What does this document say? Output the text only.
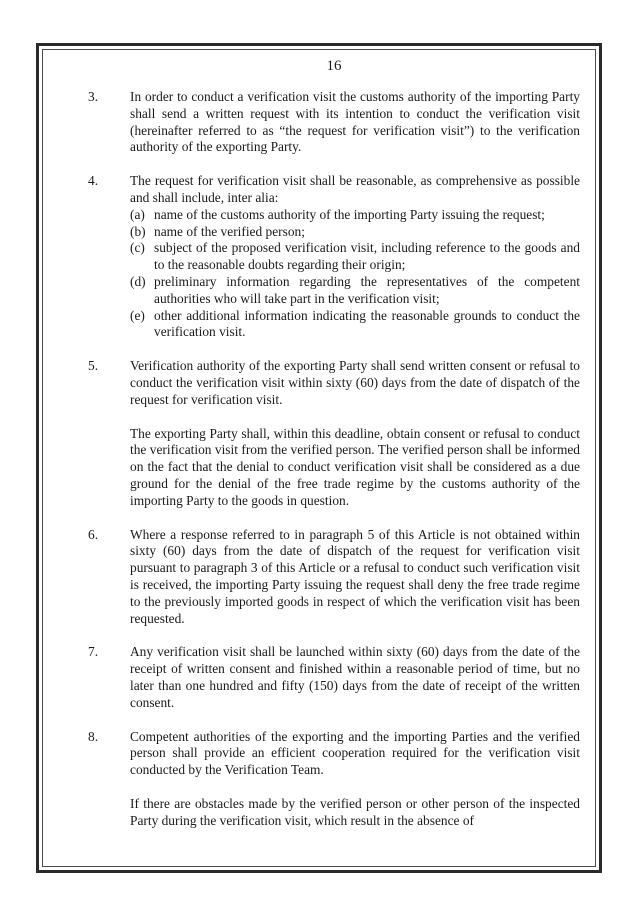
16
3. In order to conduct a verification visit the customs authority of the importing Party shall send a written request with its intention to conduct the verification visit (hereinafter referred to as “the request for verification visit”) to the verification authority of the exporting Party.
4. The request for verification visit shall be reasonable, as comprehensive as possible and shall include, inter alia:
(a) name of the customs authority of the importing Party issuing the request;
(b) name of the verified person;
(c) subject of the proposed verification visit, including reference to the goods and to the reasonable doubts regarding their origin;
(d) preliminary information regarding the representatives of the competent authorities who will take part in the verification visit;
(e) other additional information indicating the reasonable grounds to conduct the verification visit.
5. Verification authority of the exporting Party shall send written consent or refusal to conduct the verification visit within sixty (60) days from the date of dispatch of the request for verification visit.
The exporting Party shall, within this deadline, obtain consent or refusal to conduct the verification visit from the verified person. The verified person shall be informed on the fact that the denial to conduct verification visit shall be considered as a due ground for the denial of the free trade regime by the customs authority of the importing Party to the goods in question.
6. Where a response referred to in paragraph 5 of this Article is not obtained within sixty (60) days from the date of dispatch of the request for verification visit pursuant to paragraph 3 of this Article or a refusal to conduct such verification visit is received, the importing Party issuing the request shall deny the free trade regime to the previously imported goods in respect of which the verification visit has been requested.
7. Any verification visit shall be launched within sixty (60) days from the date of the receipt of written consent and finished within a reasonable period of time, but no later than one hundred and fifty (150) days from the date of receipt of the written consent.
8. Competent authorities of the exporting and the importing Parties and the verified person shall provide an efficient cooperation required for the verification visit conducted by the Verification Team.
If there are obstacles made by the verified person or other person of the inspected Party during the verification visit, which result in the absence of
